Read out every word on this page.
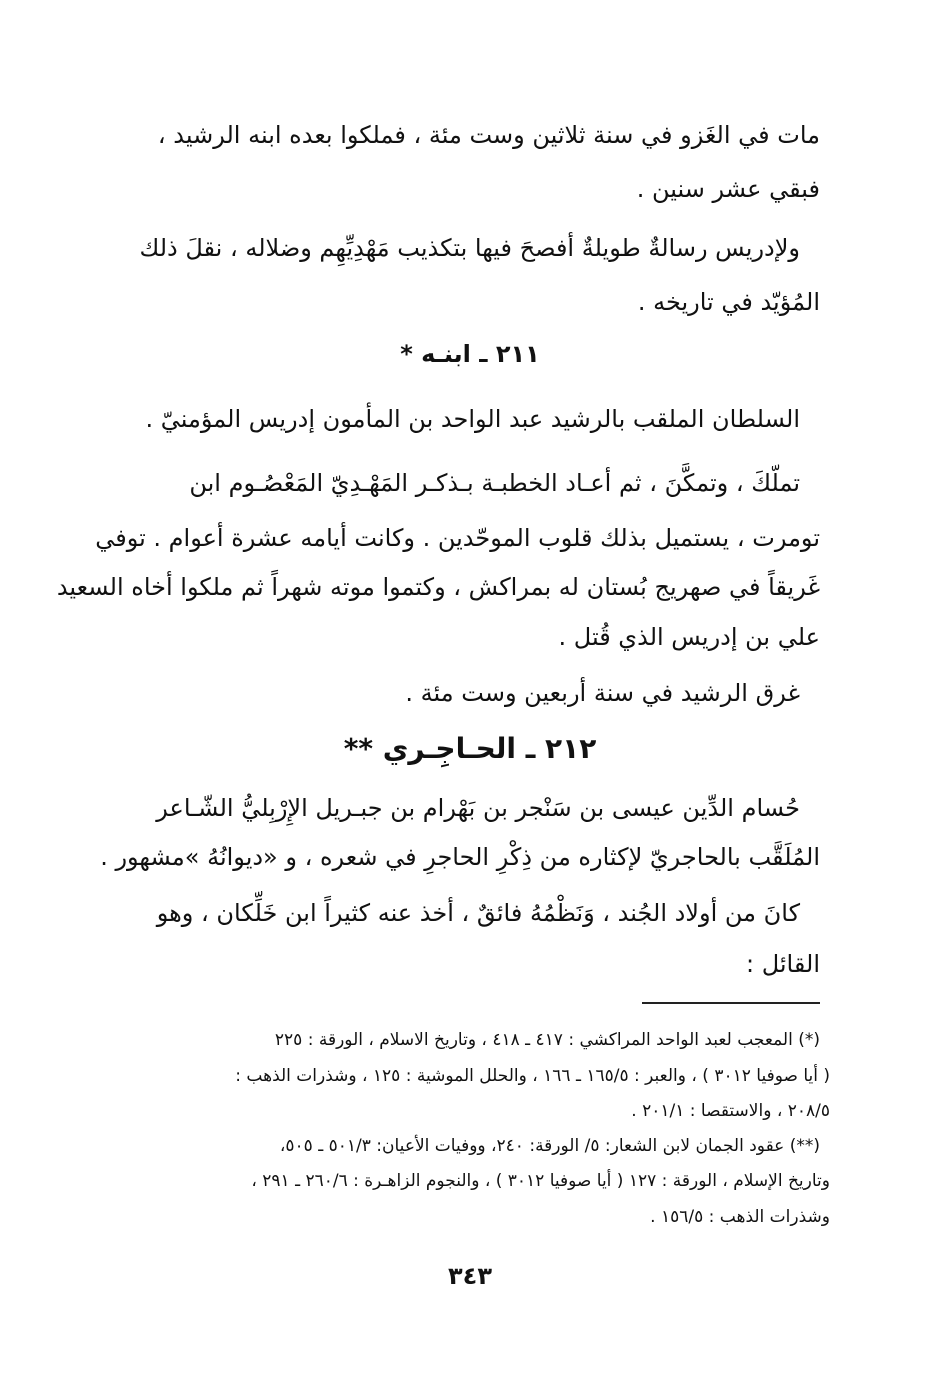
مات في الغَزو في سنة ثلاثين وست مئة ، فملكوا بعده ابنه الرشيد ،
فبقي عشر سنين .
ولإدريس رسالةٌ طويلةٌ أفصحَ فيها بتكذيب مَهْدِيِّهِم وضلاله ، نقلَ ذلك
المُؤيّد في تاريخه .
٢١١ ـ ابنـه *
السلطان الملقب بالرشيد عبد الواحد بن المأمون إدريس المؤمنيّ .
تملّكَ ، وتمكَّنَ ، ثم أعـاد الخطبـة بـذكـر المَهْـدِيّ المَعْصُـوم ابن
تومرت ، يستميل بذلك قلوب الموحّدين . وكانت أيامه عشرة أعوام . توفي
غَريقاً في صهريج بُستان له بمراكش ، وكتموا موته شهراً ثم ملكوا أخاه السعيد
علي بن إدريس الذي قُتل .
غرق الرشيد في سنة أربعين وست مئة .
٢١٢ ـ الحـاجِـري **
حُسام الدِّين عيسى بن سَنْجر بن بَهْرام بن جبـريل الإِرْبِليُّ الشّـاعر
المُلَقَّب بالحاجريّ لإكثاره من ذِكْرِ الحاجرِ في شعره ، و «ديوانُهُ »مشهور .
كانَ من أولاد الجُند ، وَنَظْمُهُ فائقٌ ، أخذ عنه كثيراً ابن خَلِّكان ، وهو
القائل :
(*) المعجب لعبد الواحد المراكشي : ٤١٧ ـ ٤١٨ ، وتاريخ الاسلام ، الورقة : ٢٢٥
( أيا صوفيا ٣٠١٢ ) ، والعبر : ١٦٥/٥ ـ ١٦٦ ، والحلل الموشية : ١٢٥ ، وشذرات الذهب :
٢٠٨/٥ ، والاستقصا : ٢٠١/١ .
(**) عقود الجمان لابن الشعار: ٥/ الورقة: ٢٤٠، ووفيات الأعيان: ٥٠١/٣ ـ ٥٠٥،
وتاريخ الإسلام ، الورقة : ١٢٧ ( أيا صوفيا ٣٠١٢ ) ، والنجوم الزاهـرة : ٢٦٠/٦ ـ ٢٩١ ،
وشذرات الذهب : ١٥٦/٥ .
٣٤٣
